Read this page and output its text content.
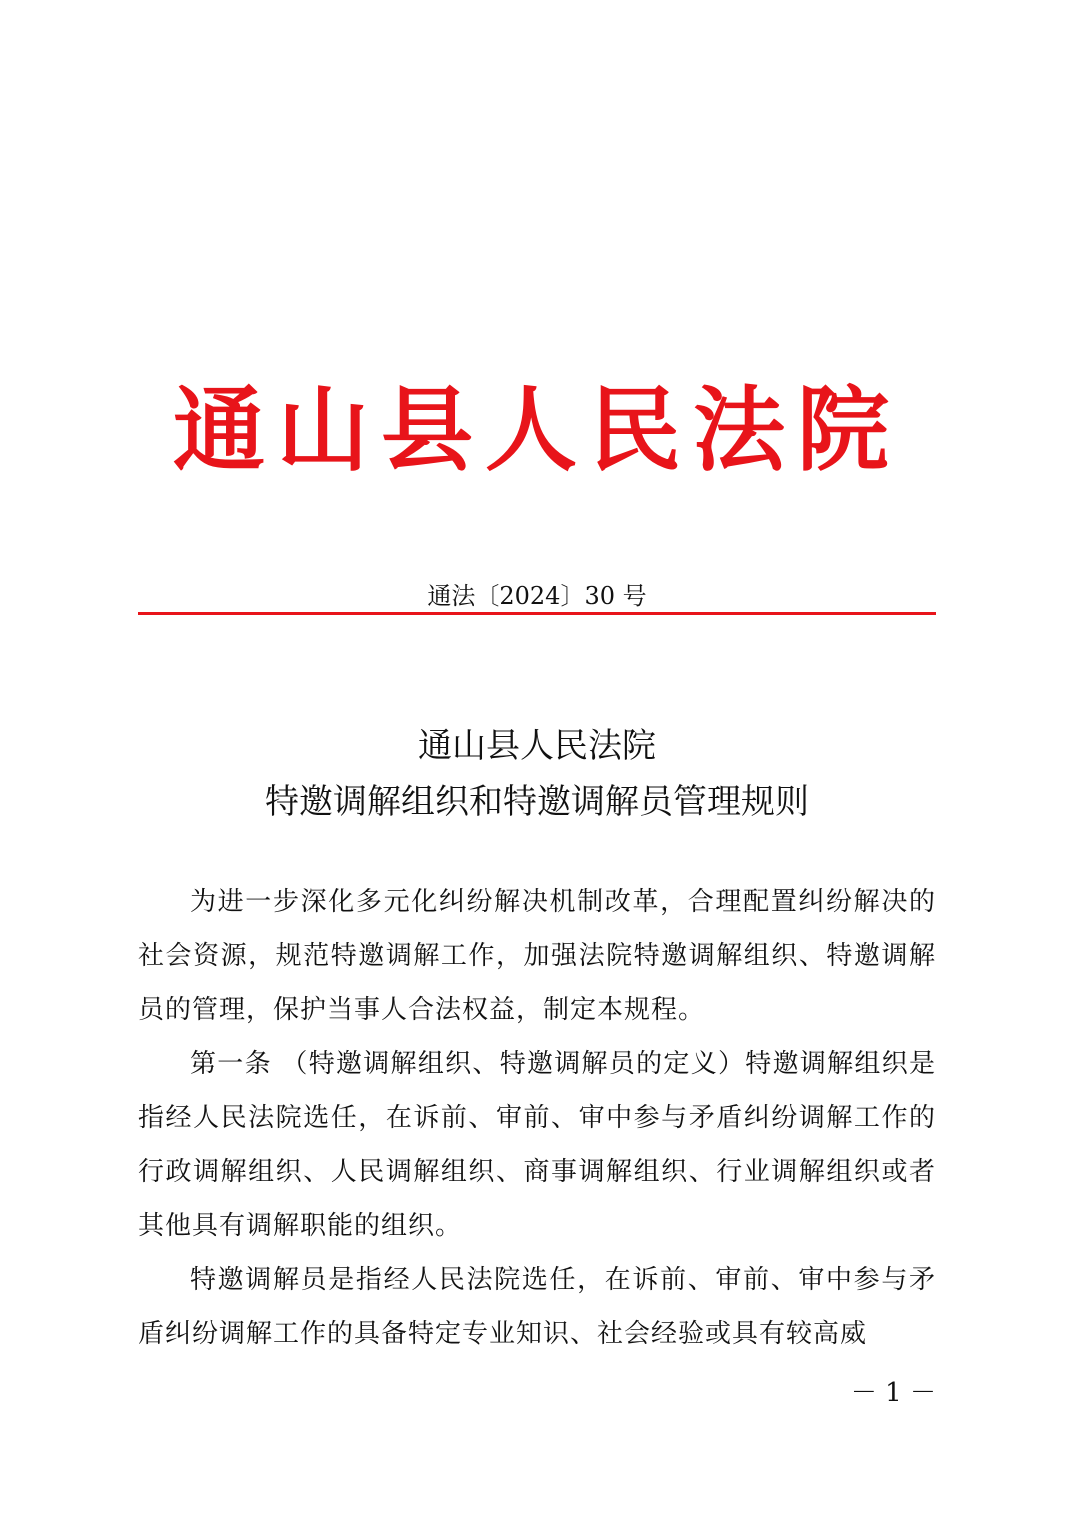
通山县人民法院
通法〔2024〕30 号
通山县人民法院
特邀调解组织和特邀调解员管理规则

为进一步深化多元化纠纷解决机制改革，合理配置纠纷解决的社会资源，规范特邀调解工作，加强法院特邀调解组织、特邀调解员的管理，保护当事人合法权益，制定本规程。

第一条 （特邀调解组织、特邀调解员的定义）特邀调解组织是指经人民法院选任，在诉前、审前、审中参与矛盾纠纷调解工作的行政调解组织、人民调解组织、商事调解组织、行业调解组织或者其他具有调解职能的组织。

特邀调解员是指经人民法院选任，在诉前、审前、审中参与矛盾纠纷调解工作的具备特定专业知识、社会经验或具有较高威

－ 1 －
